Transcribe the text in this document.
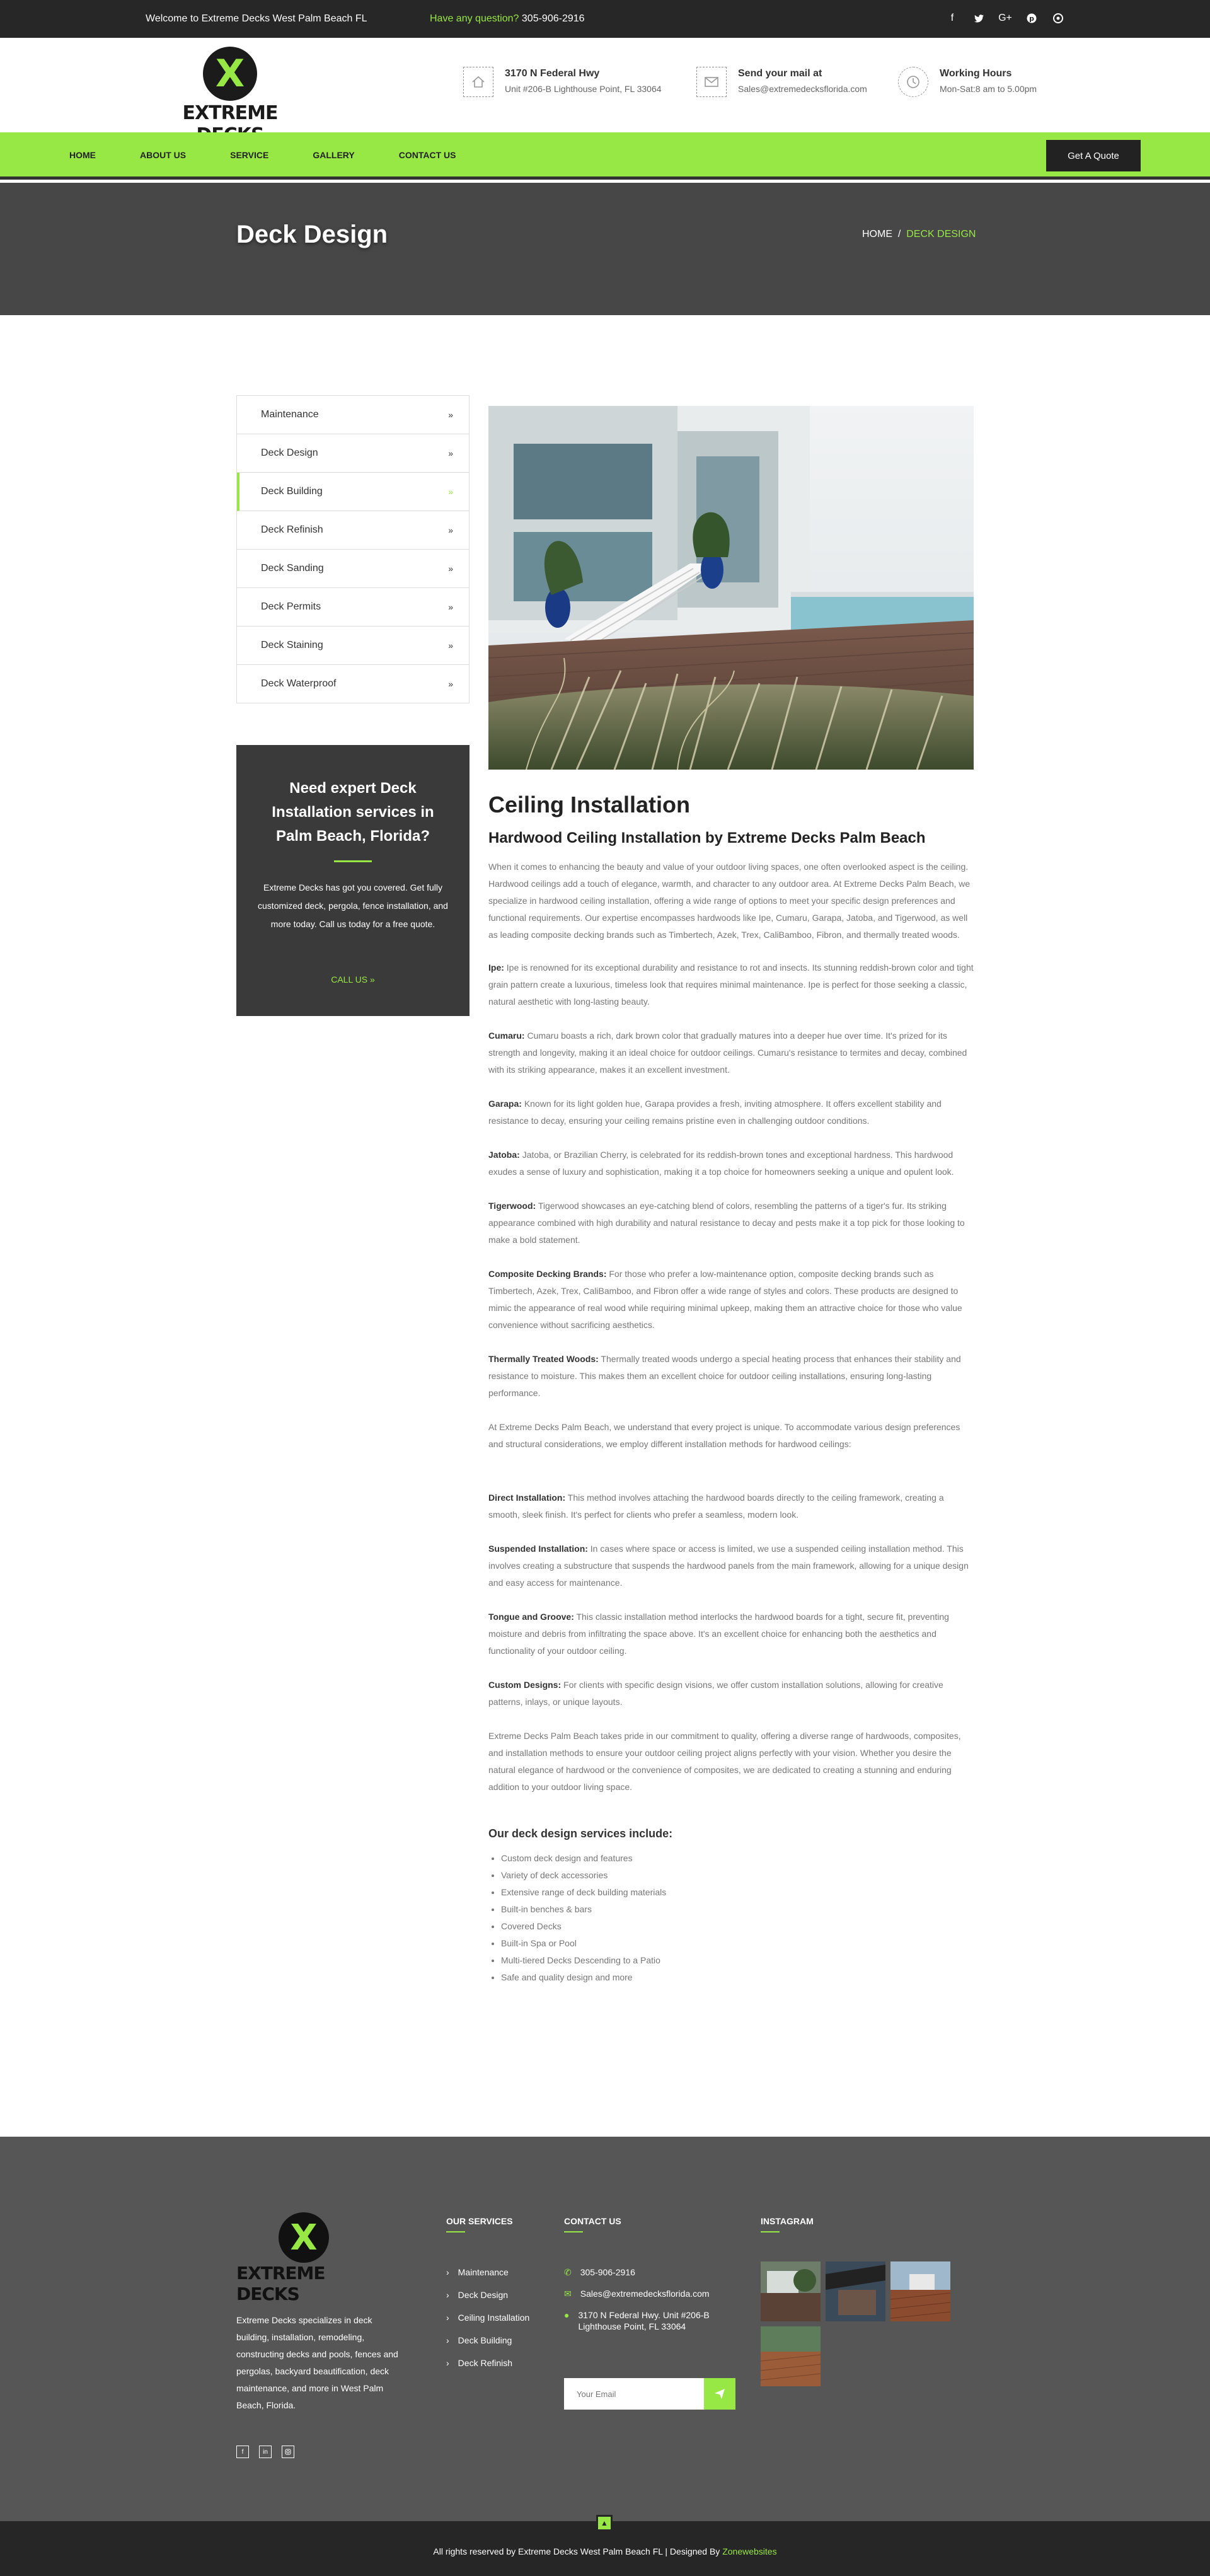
Welcome to Extreme Decks West Palm Beach FL	Have any question? 305-906-2916	f	G+ p
X
EXTREME
3170 N Federal Hwy
Unit #206-B Lighthouse Point, FL 33064
Send your mail at
Sales@extremedecksflorida.com
Working Hours
Mon-Sat:8 am to 5.00pm
HOME	ABOUT US	SERVICE	GALLERY	CONTACT US	Get A Quote
Deck Design	HOME / DECK DESIGN
Maintenance	»
Deck Design	»
Deck Building	»
Deck Refinish	»
Deck Sanding	»
Deck Permits	»
Deck Staining	»
Deck Waterproof	»
Need expert Deck Installation services in Palm Beach, Florida?

Extreme Decks has got you covered. Get fully customized deck, pergola, fence installation, and more today. Call us today for a free quote.

CALL US »
Ceiling Installation
Hardwood Ceiling Installation by Extreme Decks Palm Beach

When it comes to enhancing the beauty and value of your outdoor living spaces, one often overlooked aspect is the ceiling. Hardwood ceilings add a touch of elegance, warmth, and character to any outdoor area. At Extreme Decks Palm Beach, we specialize in hardwood ceiling installation, offering a wide range of options to meet your specific design preferences and functional requirements. Our expertise encompasses hardwoods like Ipe, Cumaru, Garapa, Jatoba, and Tigerwood, as well as leading composite decking brands such as Timbertech, Azek, Trex, CaliBamboo, Fibron, and thermally treated woods.

Ipe: Ipe is renowned for its exceptional durability and resistance to rot and insects. Its stunning reddish-brown color and tight grain pattern create a luxurious, timeless look that requires minimal maintenance. Ipe is perfect for those seeking a classic, natural aesthetic with long-lasting beauty.

Cumaru: Cumaru boasts a rich, dark brown color that gradually matures into a deeper hue over time. It's prized for its strength and longevity, making it an ideal choice for outdoor ceilings. Cumaru's resistance to termites and decay, combined with its striking appearance, makes it an excellent investment.

Garapa: Known for its light golden hue, Garapa provides a fresh, inviting atmosphere. It offers excellent stability and resistance to decay, ensuring your ceiling remains pristine even in challenging outdoor conditions.

Jatoba: Jatoba, or Brazilian Cherry, is celebrated for its reddish-brown tones and exceptional hardness. This hardwood exudes a sense of luxury and sophistication, making it a top choice for homeowners seeking a unique and opulent look.

Tigerwood: Tigerwood showcases an eye-catching blend of colors, resembling the patterns of a tiger's fur. Its striking appearance combined with high durability and natural resistance to decay and pests make it a top pick for those looking to make a bold statement.

Composite Decking Brands: For those who prefer a low-maintenance option, composite decking brands such as Timbertech, Azek, Trex, CaliBamboo, and Fibron offer a wide range of styles and colors. These products are designed to mimic the appearance of real wood while requiring minimal upkeep, making them an attractive choice for those who value convenience without sacrificing aesthetics.

Thermally Treated Woods: Thermally treated woods undergo a special heating process that enhances their stability and resistance to moisture. This makes them an excellent choice for outdoor ceiling installations, ensuring long-lasting performance.

At Extreme Decks Palm Beach, we understand that every project is unique. To accommodate various design preferences and structural considerations, we employ different installation methods for hardwood ceilings:

Direct Installation: This method involves attaching the hardwood boards directly to the ceiling framework, creating a smooth, sleek finish. It's perfect for clients who prefer a seamless, modern look.

Suspended Installation: In cases where space or access is limited, we use a suspended ceiling installation method. This involves creating a substructure that suspends the hardwood panels from the main framework, allowing for a unique design and easy access for maintenance.

Tongue and Groove: This classic installation method interlocks the hardwood boards for a tight, secure fit, preventing moisture and debris from infiltrating the space above. It's an excellent choice for enhancing both the aesthetics and functionality of your outdoor ceiling.

Custom Designs: For clients with specific design visions, we offer custom installation solutions, allowing for creative patterns, inlays, or unique layouts.

Extreme Decks Palm Beach takes pride in our commitment to quality, offering a diverse range of hardwoods, composites, and installation methods to ensure your outdoor ceiling project aligns perfectly with your vision. Whether you desire the natural elegance of hardwood or the convenience of composites, we are dedicated to creating a stunning and enduring addition to your outdoor living space.

Our deck design services include:
• Custom deck design and features
• Variety of deck accessories
• Extensive range of deck building materials
• Built-in benches & bars
• Covered Decks
• Built-in Spa or Pool
• Multi-tiered Decks Descending to a Patio
• Safe and quality design and more
X
EXTREME DECKS
Extreme Decks specializes in deck building, installation, remodeling, constructing decks and pools, fences and pergolas, backyard beautification, deck maintenance, and more in West Palm Beach, Florida.
f	in
OUR SERVICES
› Maintenance
› Deck Design
› Ceiling Installation
› Deck Building
› Deck Refinish
CONTACT US
✆ 305-906-2916
✉ Sales@extremedecksflorida.com
● 3170 N Federal Hwy. Unit #206-B Lighthouse Point, FL 33064
Your Email
INSTAGRAM
▲
All rights reserved by Extreme Decks West Palm Beach FL | Designed By Zonewebsites
